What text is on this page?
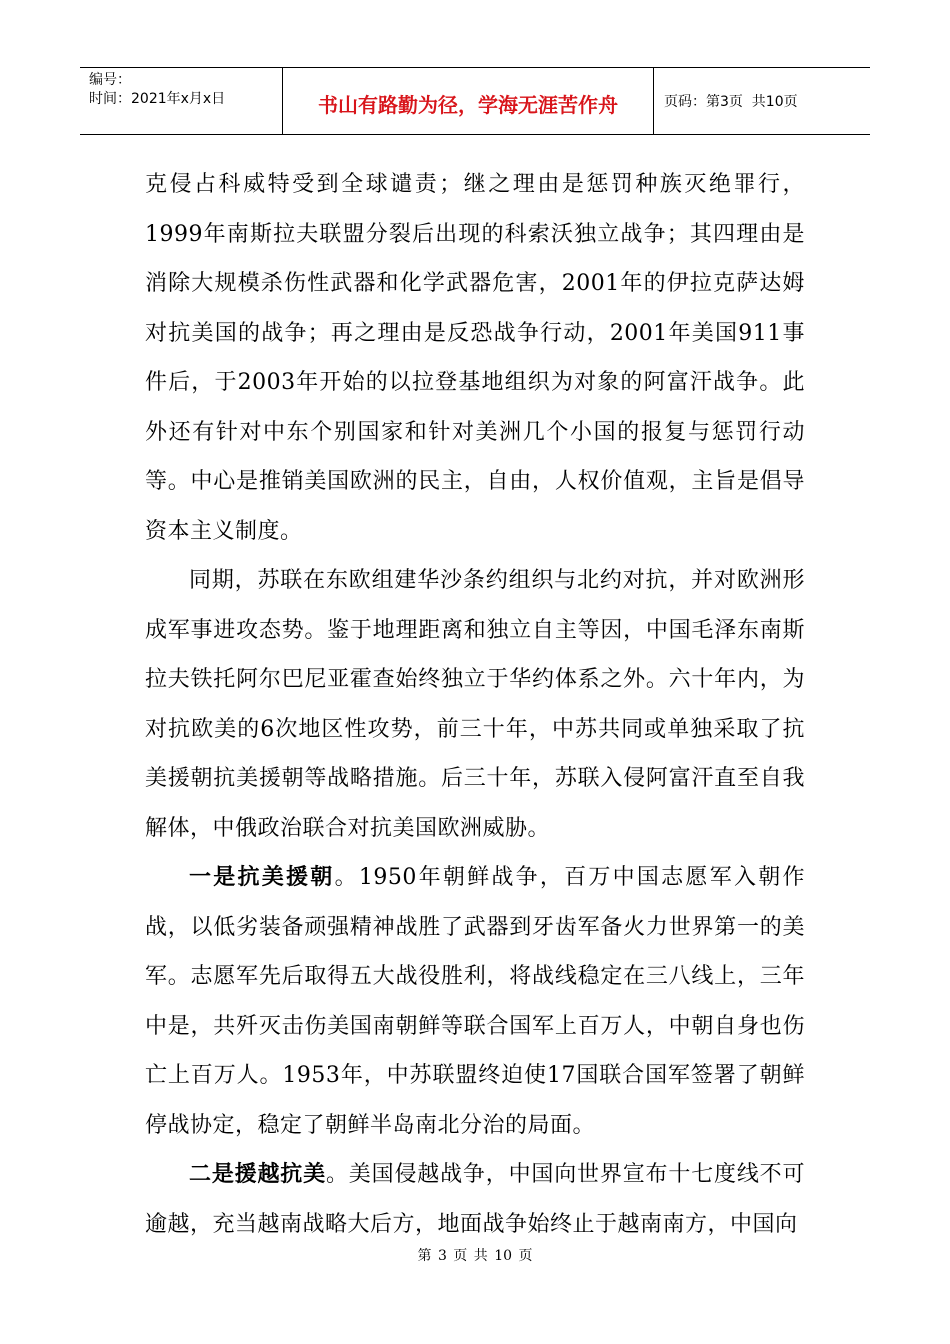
编号：
时间：2021年x月x日	书山有路勤为径，学海无涯苦作舟	页码：第3页  共10页

克侵占科威特受到全球谴责；继之理由是惩罚种族灭绝罪行，1999年南斯拉夫联盟分裂后出现的科索沃独立战争；其四理由是消除大规模杀伤性武器和化学武器危害，2001年的伊拉克萨达姆对抗美国的战争；再之理由是反恐战争行动，2001年美国911事件后，于2003年开始的以拉登基地组织为对象的阿富汗战争。此外还有针对中东个别国家和针对美洲几个小国的报复与惩罚行动等。中心是推销美国欧洲的民主，自由，人权价值观，主旨是倡导资本主义制度。

同期，苏联在东欧组建华沙条约组织与北约对抗，并对欧洲形成军事进攻态势。鉴于地理距离和独立自主等因，中国毛泽东南斯拉夫铁托阿尔巴尼亚霍查始终独立于华约体系之外。六十年内，为对抗欧美的6次地区性攻势，前三十年，中苏共同或单独采取了抗美援朝抗美援朝等战略措施。后三十年，苏联入侵阿富汗直至自我解体，中俄政治联合对抗美国欧洲威胁。

一是抗美援朝。1950年朝鲜战争，百万中国志愿军入朝作战，以低劣装备顽强精神战胜了武器到牙齿军备火力世界第一的美军。志愿军先后取得五大战役胜利，将战线稳定在三八线上，三年中是，共歼灭击伤美国南朝鲜等联合国军上百万人，中朝自身也伤亡上百万人。1953年，中苏联盟终迫使17国联合国军签署了朝鲜停战协定，稳定了朝鲜半岛南北分治的局面。

二是援越抗美。美国侵越战争，中国向世界宣布十七度线不可逾越，充当越南战略大后方，地面战争始终止于越南南方，中国向

第 3 页 共 10 页
